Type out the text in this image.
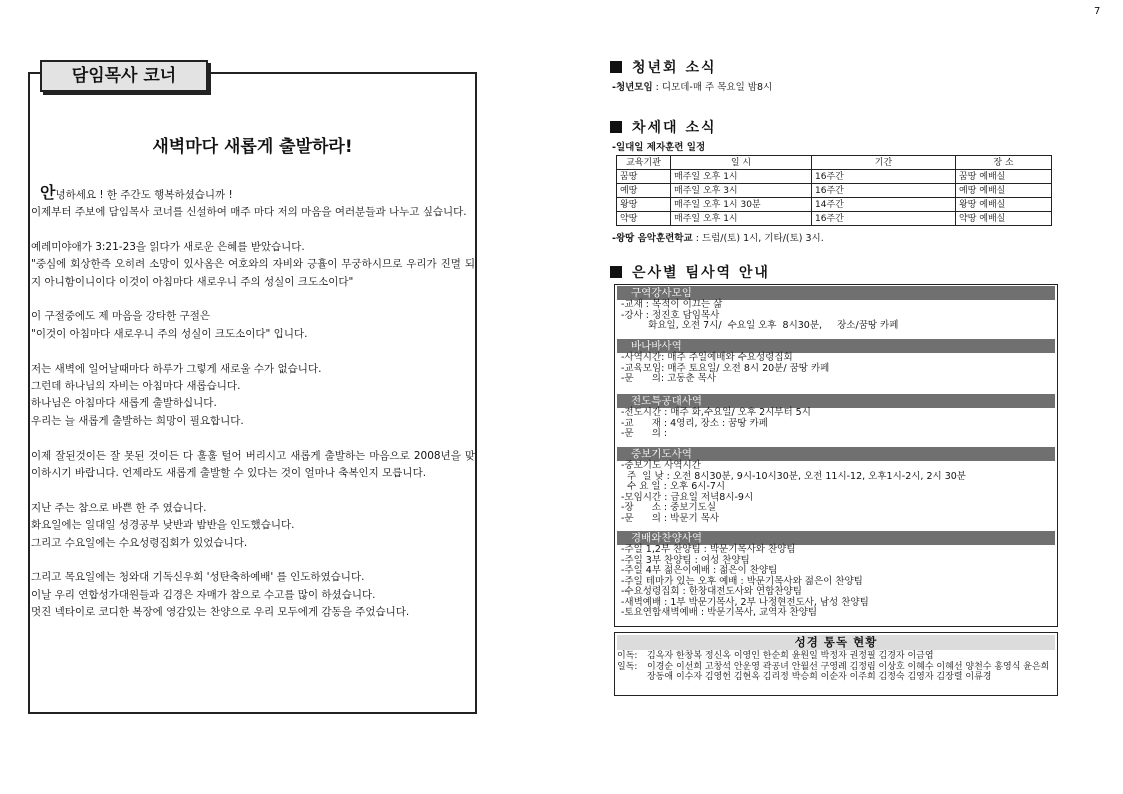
7
담임목사 코너
새벽마다 새롭게 출발하라!
안녕하세요 ! 한 주간도 행복하셨습니까 !

이제부터 주보에 담임목사 코너를 신설하여 매주 마다 저의 마음을 여러분들과 나누고 싶습니다.

예레미야애가 3:21-23을 읽다가 새로운 은혜를 받았습니다.
"중심에 회상한즉 오히려 소망이 있사옴은 여호와의 자비와 긍휼이 무궁하시므로 우리가 진멸 되지 아니함이니이다 이것이 아침마다 새로우니 주의 성실이 크도소이다"

이 구절중에도 제 마음을 강타한 구절은
"이것이 아침마다 새로우니 주의 성실이 크도소이다" 입니다.

저는 새벽에 일어날때마다 하루가 그렇게 새로울 수가 없습니다.
그런데 하나님의 자비는 아침마다 새롭습니다.
하나님은 아침마다 새롭게 출발하십니다.
우리는 늘 새롭게 출발하는 희망이 필요합니다.

이제 잘된것이든 잘 못된 것이든 다 훌훌 털어 버리시고 새롭게 출발하는 마음으로 2008년을 맞이하시기 바랍니다. 언제라도 새롭게 출발할 수 있다는 것이 얼마나 축복인지 모릅니다.

지난 주는 참으로 바쁜 한 주 였습니다.
화요일에는 일대일 성경공부 낮반과 밤반을 인도했습니다.
그리고 수요일에는 수요성령집회가 있었습니다.

그리고 목요일에는 청와대 기독신우회 '성탄축하예배' 를 인도하였습니다.
이날 우리 연합성가대원들과 김경은 자매가 참으로 수고를 많이 하셨습니다.
멋진 넥타이로 코디한 복장에 영감있는 찬양으로 우리 모두에게 감동을 주었습니다.

청년회 소식
-청년모임 : 디모데-매 주 목요일 밤8시
차세대 소식
-일대일 제자훈련 일정
교육기관	일 시	기간	장 소
꿈땅	매주일 오후 1시	16주간	꿈땅 예배실
예땅	매주일 오후 3시	16주간	예땅 예배실
왕땅	매주일 오후 1시 30분	14주간	왕땅 예배실
약땅	매주일 오후 1시	16주간	약땅 예배실
-왕땅 음악훈련학교 : 드럼/(토) 1시, 기타/(토) 3시.
은사별 팀사역 안내
구역강사모임
-교재 : 목적이 이끄는 삶
-강사 : 정진호 담임목사
화요일, 오전 7시/  수요일 오후  8시30분,     장소/꿈땅 카페
바나바사역
-사역시간: 매주 주일예배와 수요성령집회
-교육모임: 매주 토요일/ 오전 8시 20분/ 꿈땅 카페
-문      의: 고동춘 목사
전도특공대사역
-전도시간 : 매주 화,수요일/ 오후 2시부터 5시
-교      재 : 4영리, 장소 : 꿈땅 카페
-문      의 :
중보기도사역
-중보기도 사역시간
주  일 낮 : 오전 8시30분, 9시-10시30분, 오전 11시-12, 오후1시-2시, 2시 30분
수 요 일 : 오후 6시-7시
-모임시간 : 금요일 저녁8시-9시
-장      소 : 중보기도실
-문      의 : 박문기 목사
경배와찬양사역
-주일 1,2부 찬양팀 : 박문기목사와 찬양팀
-주일 3부 찬양팀 : 여성 찬양팀
-주일 4부 젊은이예배 : 젊은이 찬양팀
-주일 테마가 있는 오후 예배 : 박문기목사와 젊은이 찬양팀
-수요성령집회 : 한창대전도사와 연합찬양팀
-새벽예배 : 1부 박문기목사, 2부 나정현전도사, 남성 찬양팀
-토요연합새벽예배 : 박문기목사, 교역자 찬양팀
성경 통독 현황
이독:	김옥자 한창복 정신옥 이영인 한순희 윤원일 박정자 권정필 김경자 이금엽
일독:	이경순 이선희 고창석 안운영 곽공녀 안월선 구영례 김정림 이상호 이혜수 이혜선 양천수 홍영식 윤은희 장동애 이수자 김영헌 김현옥 김리정 박승희 이순자 이주희 김정숙 김영자 김장렬 이류경
